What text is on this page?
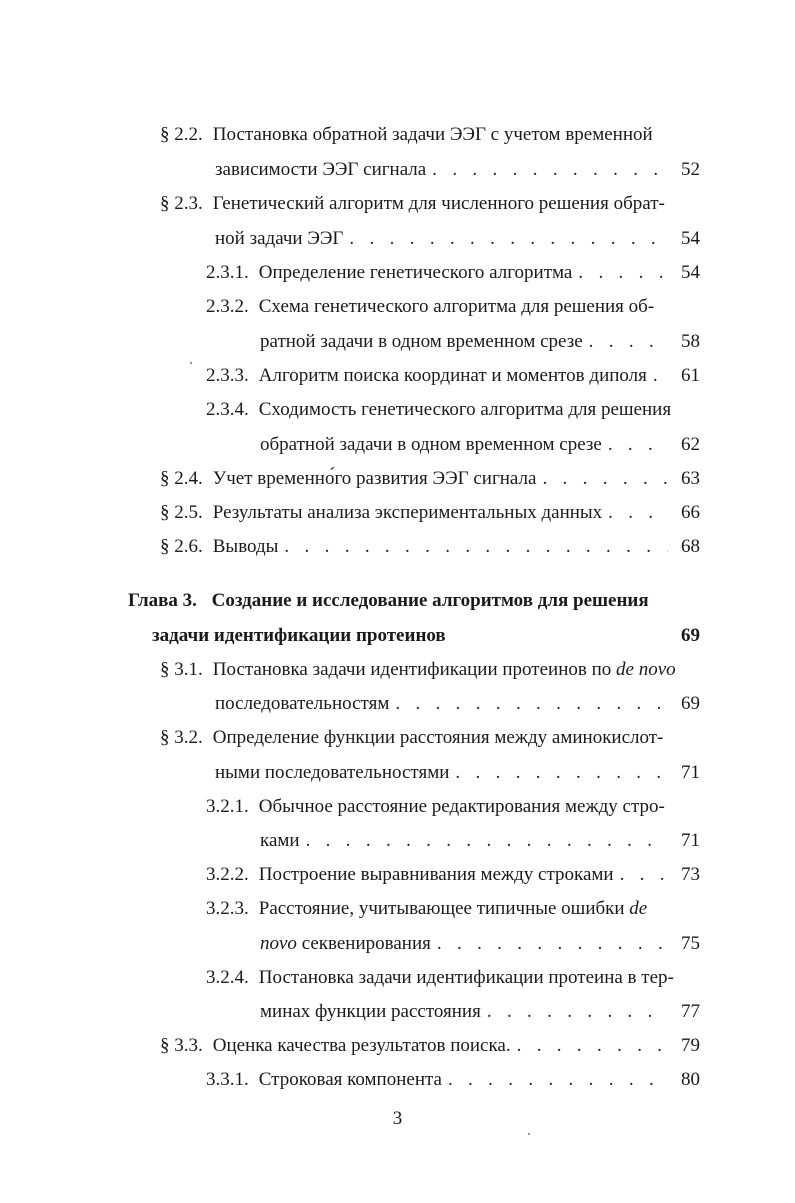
§ 2.2. Постановка обратной задачи ЭЭГ с учетом временной
зависимости ЭЭГ сигнала . . .	52
§ 2.3. Генетический алгоритм для численного решения обрат-
ной задачи ЭЭГ . . .	54
2.3.1. Определение генетического алгоритма . . .	54
2.3.2. Схема генетического алгоритма для решения об-
ратной задачи в одном временном срезе . . .	58
2.3.3. Алгоритм поиска координат и моментов диполя . . .	61
2.3.4. Сходимость генетического алгоритма для решения
обратной задачи в одном временном срезе . . .	62
§ 2.4. Учет временно́го развития ЭЭГ сигнала . . .	63
§ 2.5. Результаты анализа экспериментальных данных . . .	66
§ 2.6. Выводы . . .	68
Глава 3. Создание и исследование алгоритмов для решения
задачи идентификации протеинов	69
§ 3.1. Постановка задачи идентификации протеинов по de novo
последовательностям . . .	69
§ 3.2. Определение функции расстояния между аминокислот-
ными последовательностями . . .	71
3.2.1. Обычное расстояние редактирования между стро-
ками . . .	71
3.2.2. Построение выравнивания между строками . . .	73
3.2.3. Расстояние, учитывающее типичные ошибки de
novo секвенирования . . .	75
3.2.4. Постановка задачи идентификации протеина в тер-
минах функции расстояния . . .	77
§ 3.3. Оценка качества результатов поиска. . . .	79
3.3.1. Строковая компонента . . .	80
3
